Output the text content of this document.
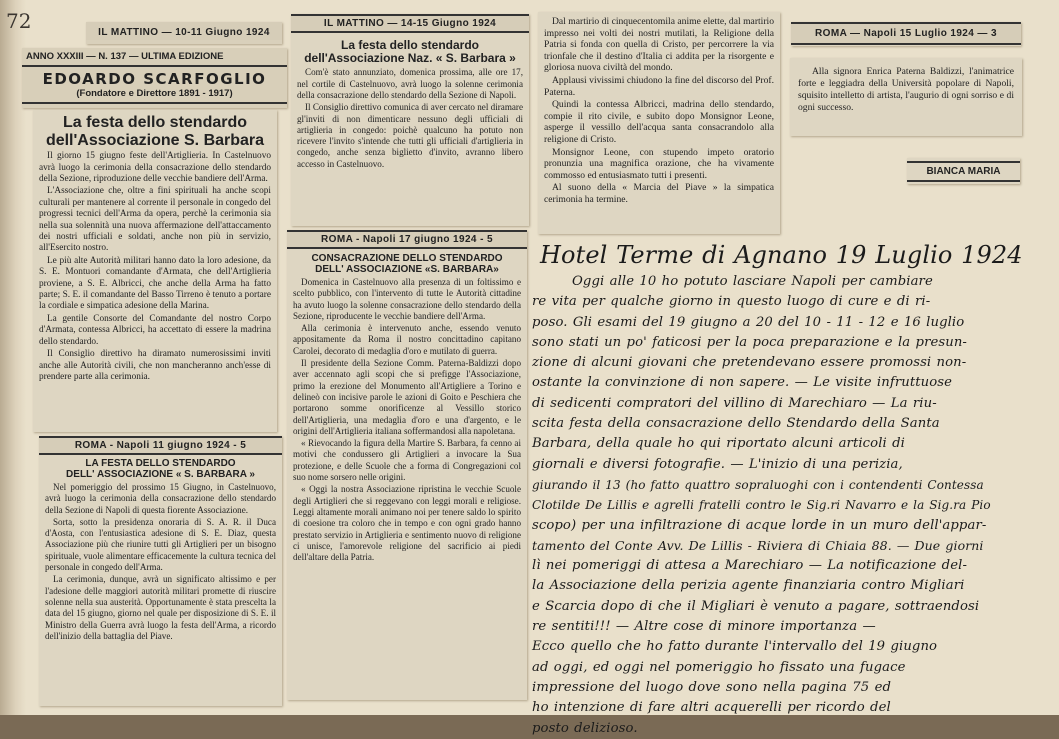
72	IL MATTINO — 10-11 Giugno 1924
ANNO XXXIII — N. 137 — ULTIMA EDIZIONE
EDOARDO SCARFOGLIO
(Fondatore e Direttore 1891 - 1917)
La festa dello stendardo
dell'Associazione S. Barbara

Il giorno 15 giugno feste dell'Artiglieria. In Castelnuovo avrà luogo la cerimonia della consacrazione dello stendardo della Sezione, riproduzione delle vecchie bandiere dell'Arma.

L'Associazione che, oltre a fini spirituali ha anche scopi culturali per mantenere al corrente il personale in congedo del progressi tecnici dell'Arma da opera, perchè la cerimonia sia nella sua solennità una nuova affermazione dell'attaccamento dei nostri ufficiali e soldati, anche non più in servizio, all'Esercito nostro.

Le più alte Autorità militari hanno dato la loro adesione, da S. E. Montuori comandante d'Armata, che dell'Artiglieria proviene, a S. E. Albricci, che anche della Arma ha fatto parte; S. E. il comandante del Basso Tirreno è tenuto a portare la cordiale e simpatica adesione della Marina.

La gentile Consorte del Comandante del nostro Corpo d'Armata, contessa Albricci, ha accettato di essere la madrina dello stendardo.

Il Consiglio direttivo ha diramato numerosissimi inviti anche alle Autorità civili, che non mancheranno anch'esse di prendere parte alla cerimonia.

ROMA - Napoli 11 giugno 1924 - 5
LA FESTA DELLO STENDARDO
DELL' ASSOCIAZIONE « S. BARBARA »

Nel pomeriggio del prossimo 15 Giugno, in Castelnuovo, avrà luogo la cerimonia della consacrazione dello stendardo della Sezione di Napoli di questa fiorente Associazione.

Sorta, sotto la presidenza onoraria di S. A. R. il Duca d'Aosta, con l'entusiastica adesione di S. E. Diaz, questa Associazione più che riunire tutti gli Artiglieri per un bisogno spirituale, vuole alimentare efficacemente la cultura tecnica del personale in congedo dell'Arma.

La cerimonia, dunque, avrà un significato altissimo e per l'adesione delle maggiori autorità militari promette di riuscire solenne nella sua austerità. Opportunamente è stata prescelta la data del 15 giugno, giorno nel quale per disposizione di S. E. il Ministro della Guerra avrà luogo la festa dell'Arma, a ricordo dell'inizio della battaglia del Piave.

IL MATTINO — 14-15 Giugno 1924
La festa dello stendardo
dell'Associazione Naz. « S. Barbara »

Com'è stato annunziato, domenica prossima, alle ore 17, nel cortile di Castelnuovo, avrà luogo la solenne cerimonia della consacrazione dello stendardo della Sezione di Napoli.

Il Consiglio direttivo comunica di aver cercato nel diramare gl'inviti di non dimenticare nessuno degli ufficiali di artiglieria in congedo: poichè qualcuno ha potuto non ricevere l'invito s'intende che tutti gli ufficiali d'artiglieria in congedo, anche senza biglietto d'invito, avranno libero accesso in Castelnuovo.

ROMA - Napoli 17 giugno 1924 - 5
CONSACRAZIONE DELLO STENDARDO
DELL' ASSOCIAZIONE «S. BARBARA»

Domenica in Castelnuovo alla presenza di un foltissimo e scelto pubblico, con l'intervento di tutte le Autorità cittadine ha avuto luogo la solenne consacrazione dello stendardo della Sezione, riproducente le vecchie bandiere dell'Arma.

Alla cerimonia è intervenuto anche, essendo venuto appositamente da Roma il nostro concittadino capitano Carolei, decorato di medaglia d'oro e mutilato di guerra.

Il presidente della Sezione Comm. Paterna-Baldizzi dopo aver accennato agli scopi che si prefigge l'Associazione, primo la erezione del Monumento all'Artigliere a Torino e delineò con incisive parole le azioni di Goito e Peschiera che portarono somme onorificenze al Vessillo storico dell'Artiglieria, una medaglia d'oro e una d'argento, e le origini dell'Artiglieria italiana soffermandosi alla napoletana.

« Rievocando la figura della Martire S. Barbara, fa cenno ai motivi che condussero gli Artiglieri a invocare la Sua protezione, e delle Scuole che a forma di Congregazioni col suo nome sorsero nelle origini.

« Oggi la nostra Associazione ripristina le vecchie Scuole degli Artiglieri che si reggevano con leggi morali e religiose. Leggi altamente morali animano noi per tenere saldo lo spirito di coesione tra coloro che in tempo e con ogni grado hanno prestato servizio in Artiglieria e sentimento nuovo di religione ci unisce, l'amorevole religione del sacrificio ai piedi dell'altare della Patria.

Dal martirio di cinquecentomila anime elette, dal martirio impresso nei volti dei nostri mutilati, la Religione della Patria si fonda con quella di Cristo, per percorrere la via trionfale che il destino d'Italia ci addita per la risorgente e gloriosa nuova civiltà del mondo.

Applausi vivissimi chiudono la fine del discorso del Prof. Paterna.

Quindi la contessa Albricci, madrina dello stendardo, compie il rito civile, e subito dopo Monsignor Leone, asperge il vessillo dell'acqua santa consacrandolo alla religione di Cristo.

Monsignor Leone, con stupendo impeto oratorio pronunzia una magnifica orazione, che ha vivamente commosso ed entusiasmato tutti i presenti.

Al suono della « Marcia del Piave » la simpatica cerimonia ha termine.

ROMA — Napoli 15 Luglio 1924 — 3
Alla signora Enrica Paterna Baldizzi, l'animatrice forte e leggiadra della Università popolare di Napoli, squisito intelletto di artista, l'augurio di ogni sorriso e di ogni successo.
BIANCA MARIA
Hotel Terme di Agnano 19 Luglio 1924
Oggi alle 10 ho potuto lasciare Napoli per cambiare
re vita per qualche giorno in questo luogo di cure e di ri-
poso. Gli esami del 19 giugno a 20 del 10 - 11 - 12 e 16 luglio
sono stati un po' faticosi per la poca preparazione e la presun-
zione di alcuni giovani che pretendevano essere promossi non-
ostante la convinzione di non sapere. — Le visite infruttuose
di sedicenti compratori del villino di Marechiaro — La riu-
scita festa della consacrazione dello Stendardo della Santa
Barbara, della quale ho qui riportato alcuni articoli di
giornali e diversi fotografie. — L'inizio di una perizia,
giurando il 13 (ho fatto quattro sopraluoghi con i contendenti Contessa
Clotilde De Lillis e agrelli fratelli contro le Sig.ri Navarro e la Sig.ra Pio
scopo) per una infiltrazione di acque lorde in un muro dell'appar-
tamento del Conte Avv. De Lillis - Riviera di Chiaia 88. — Due giorni
lì nei pomeriggi di attesa a Marechiaro — La notificazione del-
la Associazione della perizia agente finanziaria contro Migliari
e Scarcia dopo di che il Migliari è venuto a pagare, sottraendosi
re sentiti!!! — Altre cose di minore importanza —
Ecco quello che ho fatto durante l'intervallo del 19 giugno
ad oggi, ed oggi nel pomeriggio ho fissato una fugace
impressione del luogo dove sono nella pagina 75 ed
ho intenzione di fare altri acquerelli per ricordo del
posto delizioso.
